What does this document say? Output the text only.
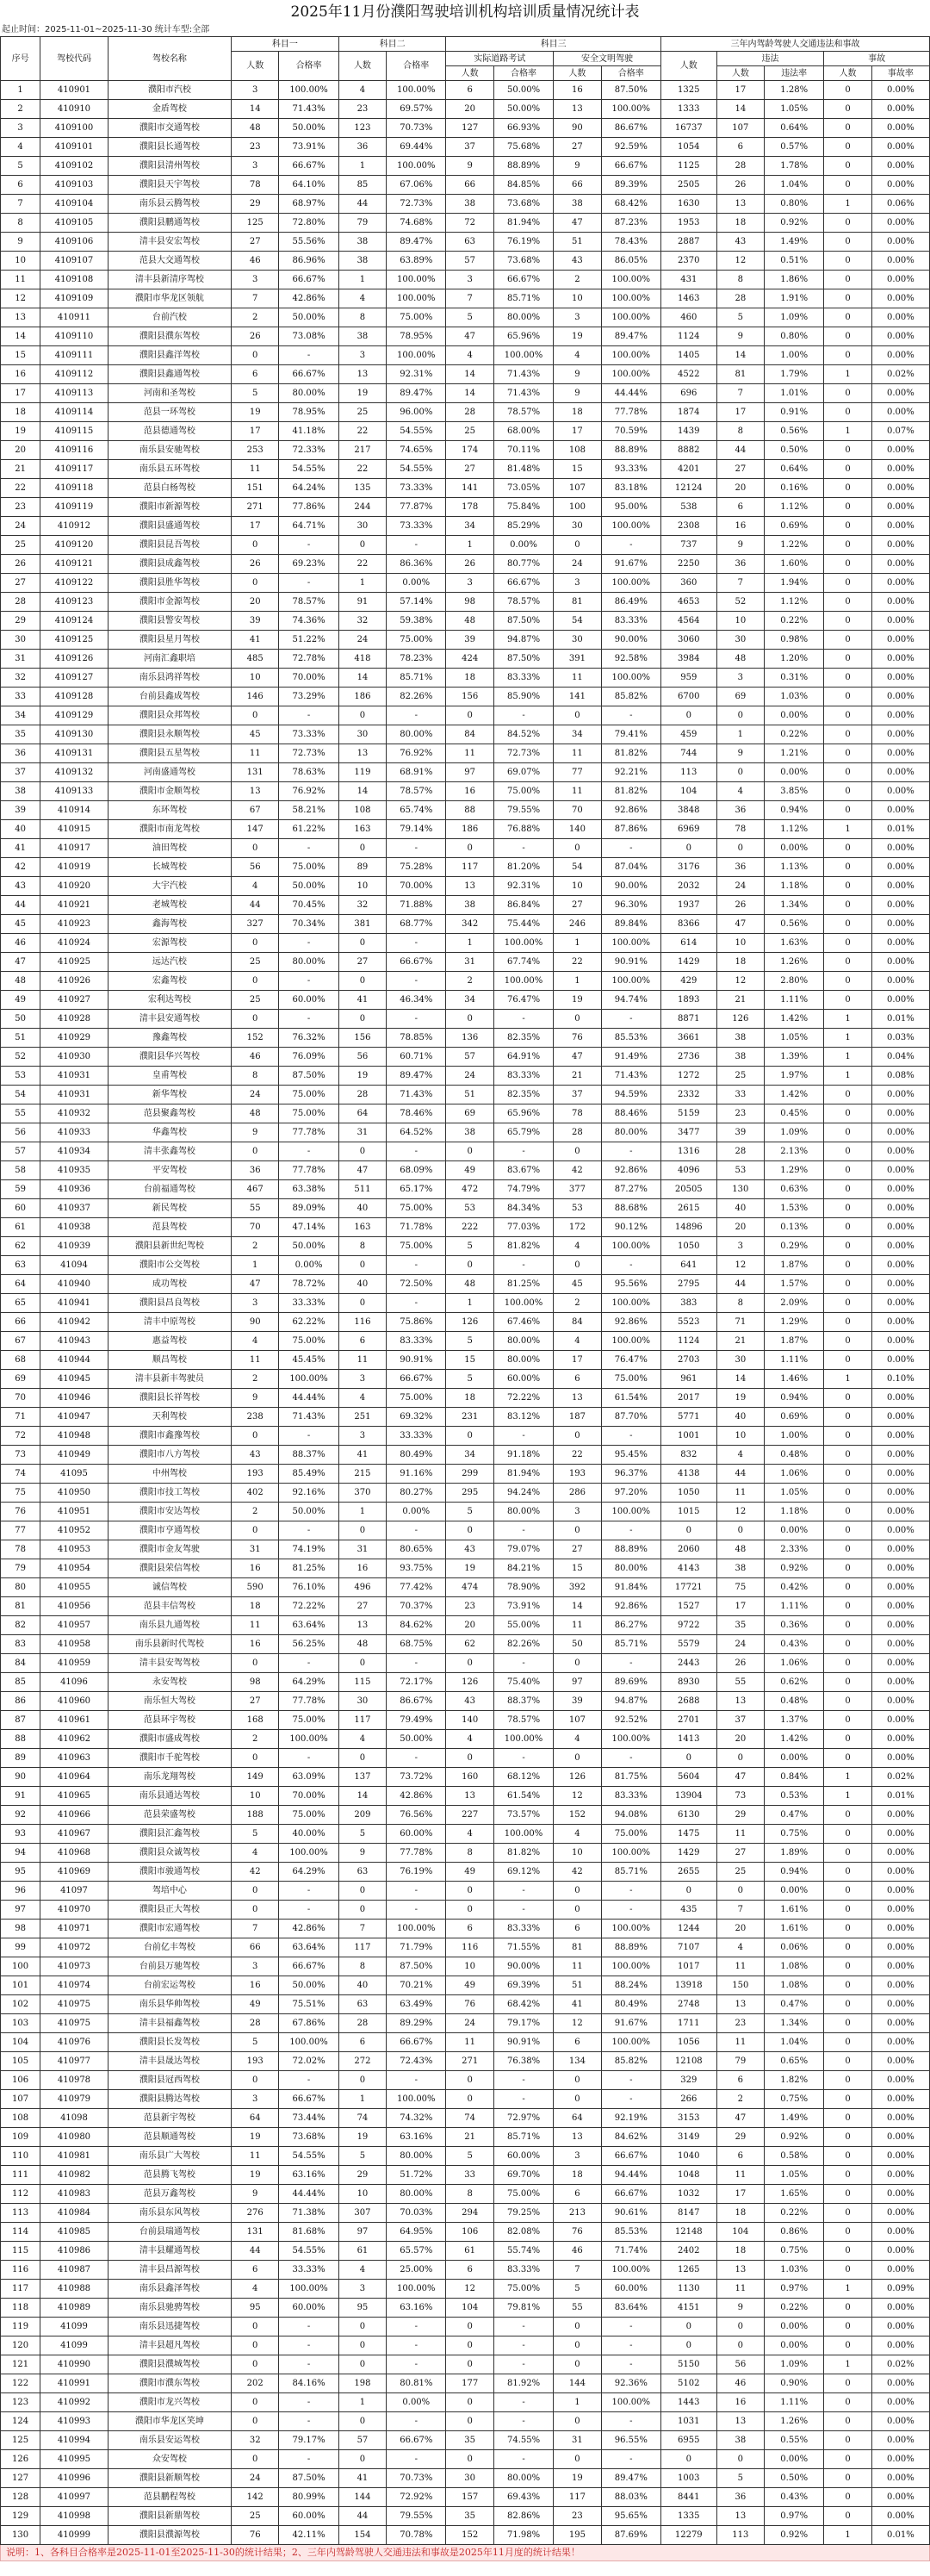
2025年11月份濮阳驾驶培训机构培训质量情况统计表
起止时间：2025-11-01~2025-11-30 统计车型:全部
序号	驾校代码	驾校名称	科目一		科目二		科目三				三年内驾龄驾驶人交通违法和事故				
			人数	合格率	人数	合格率	实际道路考试		安全文明驾驶		人数	违法		事故	
							人数	合格率	人数	合格率		人数	违法率	人数	事故率
1	410901	濮阳市汽校	3	100.00%	4	100.00%	6	50.00%	16	87.50%	1325	17	1.28%	0	0.00%
2	410910	金盾驾校	14	71.43%	23	69.57%	20	50.00%	13	100.00%	1333	14	1.05%	0	0.00%
3	4109100	濮阳市交通驾校	48	50.00%	123	70.73%	127	66.93%	90	86.67%	16737	107	0.64%	0	0.00%
4	4109101	濮阳县长通驾校	23	73.91%	36	69.44%	37	75.68%	27	92.59%	1054	6	0.57%	0	0.00%
5	4109102	濮阳县清州驾校	3	66.67%	1	100.00%	9	88.89%	9	66.67%	1125	28	1.78%	0	0.00%
6	4109103	濮阳县天宇驾校	78	64.10%	85	67.06%	66	84.85%	66	89.39%	2505	26	1.04%	0	0.00%
7	4109104	南乐县云腾驾校	29	68.97%	44	72.73%	38	73.68%	38	68.42%	1630	13	0.80%	1	0.06%
8	4109105	濮阳县鹏通驾校	125	72.80%	79	74.68%	72	81.94%	47	87.23%	1953	18	0.92%	0	0.00%
9	4109106	清丰县安宏驾校	27	55.56%	38	89.47%	63	76.19%	51	78.43%	2887	43	1.49%	0	0.00%
10	4109107	范县大交通驾校	46	86.96%	38	63.89%	57	73.68%	43	86.05%	2370	12	0.51%	0	0.00%
11	4109108	清丰县新清序驾校	3	66.67%	1	100.00%	3	66.67%	2	100.00%	431	8	1.86%	0	0.00%
12	4109109	濮阳市华龙区领航	7	42.86%	4	100.00%	7	85.71%	10	100.00%	1463	28	1.91%	0	0.00%
13	410911	台前汽校	2	50.00%	8	75.00%	5	80.00%	3	100.00%	460	5	1.09%	0	0.00%
14	4109110	濮阳县濮东驾校	26	73.08%	38	78.95%	47	65.96%	19	89.47%	1124	9	0.80%	0	0.00%
15	4109111	濮阳县鑫洋驾校	0	-	3	100.00%	4	100.00%	4	100.00%	1405	14	1.00%	0	0.00%
16	4109112	濮阳县鑫通驾校	6	66.67%	13	92.31%	14	71.43%	9	100.00%	4522	81	1.79%	1	0.02%
17	4109113	河南和圣驾校	5	80.00%	19	89.47%	14	71.43%	9	44.44%	696	7	1.01%	0	0.00%
18	4109114	范县一环驾校	19	78.95%	25	96.00%	28	78.57%	18	77.78%	1874	17	0.91%	0	0.00%
19	4109115	范县德通驾校	17	41.18%	22	54.55%	25	68.00%	17	70.59%	1439	8	0.56%	1	0.07%
20	4109116	南乐县安驰驾校	253	72.33%	217	74.65%	174	70.11%	108	88.89%	8882	44	0.50%	0	0.00%
21	4109117	南乐县五环驾校	11	54.55%	22	54.55%	27	81.48%	15	93.33%	4201	27	0.64%	0	0.00%
22	4109118	范县白杨驾校	151	64.24%	135	73.33%	141	73.05%	107	83.18%	12124	20	0.16%	0	0.00%
23	4109119	濮阳市新源驾校	271	77.86%	244	77.87%	178	75.84%	100	95.00%	538	6	1.12%	0	0.00%
24	410912	濮阳县盛通驾校	17	64.71%	30	73.33%	34	85.29%	30	100.00%	2308	16	0.69%	0	0.00%
25	4109120	濮阳县昆吾驾校	0	-	0	-	1	0.00%	0	-	737	9	1.22%	0	0.00%
26	4109121	濮阳县成鑫驾校	26	69.23%	22	86.36%	26	80.77%	24	91.67%	2250	36	1.60%	0	0.00%
27	4109122	濮阳县胜华驾校	0	-	1	0.00%	3	66.67%	3	100.00%	360	7	1.94%	0	0.00%
28	4109123	濮阳市金源驾校	20	78.57%	91	57.14%	98	78.57%	81	86.49%	4653	52	1.12%	0	0.00%
29	4109124	濮阳县警安驾校	39	74.36%	32	59.38%	48	87.50%	54	83.33%	4564	10	0.22%	0	0.00%
30	4109125	濮阳县星月驾校	41	51.22%	24	75.00%	39	94.87%	30	90.00%	3060	30	0.98%	0	0.00%
31	4109126	河南汇鑫职培	485	72.78%	418	78.23%	424	87.50%	391	92.58%	3984	48	1.20%	0	0.00%
32	4109127	南乐县鸿祥驾校	10	70.00%	14	85.71%	18	83.33%	11	100.00%	959	3	0.31%	0	0.00%
33	4109128	台前县鑫成驾校	146	73.29%	186	82.26%	156	85.90%	141	85.82%	6700	69	1.03%	0	0.00%
34	4109129	濮阳县众邦驾校	0	-	0	-	0	-	0	-	0	0	0.00%	0	0.00%
35	4109130	濮阳县永顺驾校	45	73.33%	30	80.00%	84	84.52%	34	79.41%	459	1	0.22%	0	0.00%
36	4109131	濮阳县五星驾校	11	72.73%	13	76.92%	11	72.73%	11	81.82%	744	9	1.21%	0	0.00%
37	4109132	河南盛通驾校	131	78.63%	119	68.91%	97	69.07%	77	92.21%	113	0	0.00%	0	0.00%
38	4109133	濮阳市金顺驾校	13	76.92%	14	78.57%	16	75.00%	11	81.82%	104	4	3.85%	0	0.00%
39	410914	东环驾校	67	58.21%	108	65.74%	88	79.55%	70	92.86%	3848	36	0.94%	0	0.00%
40	410915	濮阳市南龙驾校	147	61.22%	163	79.14%	186	76.88%	140	87.86%	6969	78	1.12%	1	0.01%
41	410917	油田驾校	0	-	0	-	0	-	0	-	0	0	0.00%	0	0.00%
42	410919	长城驾校	56	75.00%	89	75.28%	117	81.20%	54	87.04%	3176	36	1.13%	0	0.00%
43	410920	大宇汽校	4	50.00%	10	70.00%	13	92.31%	10	90.00%	2032	24	1.18%	0	0.00%
44	410921	老城驾校	44	70.45%	32	71.88%	38	86.84%	27	96.30%	1937	26	1.34%	0	0.00%
45	410923	鑫海驾校	327	70.34%	381	68.77%	342	75.44%	246	89.84%	8366	47	0.56%	0	0.00%
46	410924	宏源驾校	0	-	0	-	1	100.00%	1	100.00%	614	10	1.63%	0	0.00%
47	410925	远达汽校	25	80.00%	27	66.67%	31	67.74%	22	90.91%	1429	18	1.26%	0	0.00%
48	410926	宏鑫驾校	0	-	0	-	2	100.00%	1	100.00%	429	12	2.80%	0	0.00%
49	410927	宏利达驾校	25	60.00%	41	46.34%	34	76.47%	19	94.74%	1893	21	1.11%	0	0.00%
50	410928	清丰县安通驾校	0	-	0	-	0	-	0	-	8871	126	1.42%	1	0.01%
51	410929	豫鑫驾校	152	76.32%	156	78.85%	136	82.35%	76	85.53%	3661	38	1.05%	1	0.03%
52	410930	濮阳县华兴驾校	46	76.09%	56	60.71%	57	64.91%	47	91.49%	2736	38	1.39%	1	0.04%
53	410931	皇甫驾校	8	87.50%	19	89.47%	24	83.33%	21	71.43%	1272	25	1.97%	1	0.08%
54	410931	新华驾校	24	75.00%	28	71.43%	51	82.35%	37	94.59%	2332	33	1.42%	0	0.00%
55	410932	范县聚鑫驾校	48	75.00%	64	78.46%	69	65.96%	78	88.46%	5159	23	0.45%	0	0.00%
56	410933	华鑫驾校	9	77.78%	31	64.52%	38	65.79%	28	80.00%	3477	39	1.09%	0	0.00%
57	410934	清丰张鑫驾校	0	-	0	-	0	-	0	-	1316	28	2.13%	0	0.00%
58	410935	平安驾校	36	77.78%	47	68.09%	49	83.67%	42	92.86%	4096	53	1.29%	0	0.00%
59	410936	台前福通驾校	467	63.38%	511	65.17%	472	74.79%	377	87.27%	20505	130	0.63%	0	0.00%
60	410937	新民驾校	55	89.09%	40	75.00%	53	84.34%	53	88.68%	2615	40	1.53%	0	0.00%
61	410938	范县驾校	70	47.14%	163	71.78%	222	77.03%	172	90.12%	14896	20	0.13%	0	0.00%
62	410939	濮阳县新世纪驾校	2	50.00%	8	75.00%	5	81.82%	4	100.00%	1050	3	0.29%	0	0.00%
63	41094	濮阳市公交驾校	1	0.00%	0	-	0	-	0	-	641	12	1.87%	0	0.00%
64	410940	成功驾校	47	78.72%	40	72.50%	48	81.25%	45	95.56%	2795	44	1.57%	0	0.00%
65	410941	濮阳县昌良驾校	3	33.33%	0	-	1	100.00%	2	100.00%	383	8	2.09%	0	0.00%
66	410942	清丰中原驾校	90	62.22%	116	75.86%	126	67.46%	84	92.86%	5523	71	1.29%	0	0.00%
67	410943	惠益驾校	4	75.00%	6	83.33%	5	80.00%	4	100.00%	1124	21	1.87%	0	0.00%
68	410944	顺昌驾校	11	45.45%	11	90.91%	15	80.00%	17	76.47%	2703	30	1.11%	0	0.00%
69	410945	清丰县新丰驾驶员	2	100.00%	3	66.67%	5	60.00%	6	75.00%	961	14	1.46%	1	0.10%
70	410946	濮阳县长祥驾校	9	44.44%	4	75.00%	18	72.22%	13	61.54%	2017	19	0.94%	0	0.00%
71	410947	天利驾校	238	71.43%	251	69.32%	231	83.12%	187	87.70%	5771	40	0.69%	0	0.00%
72	410948	濮阳市鑫豫驾校	0	-	3	33.33%	0	-	0	-	1001	10	1.00%	0	0.00%
73	410949	濮阳市八方驾校	43	88.37%	41	80.49%	34	91.18%	22	95.45%	832	4	0.48%	0	0.00%
74	41095	中州驾校	193	85.49%	215	91.16%	299	81.94%	193	96.37%	4138	44	1.06%	0	0.00%
75	410950	濮阳市技工驾校	402	92.16%	370	80.27%	295	94.24%	286	97.20%	1050	11	1.05%	0	0.00%
76	410951	濮阳市安达驾校	2	50.00%	1	0.00%	5	80.00%	3	100.00%	1015	12	1.18%	0	0.00%
77	410952	濮阳市亨通驾校	0	-	0	-	0	-	0	-	0	0	0.00%	0	0.00%
78	410953	濮阳市金友驾驶	31	74.19%	31	80.65%	43	79.07%	27	88.89%	2060	48	2.33%	0	0.00%
79	410954	濮阳县荣信驾校	16	81.25%	16	93.75%	19	84.21%	15	80.00%	4143	38	0.92%	0	0.00%
80	410955	诚信驾校	590	76.10%	496	77.42%	474	78.90%	392	91.84%	17721	75	0.42%	0	0.00%
81	410956	范县丰信驾校	18	72.22%	27	70.37%	23	73.91%	14	92.86%	1527	17	1.11%	0	0.00%
82	410957	南乐县九通驾校	11	63.64%	13	84.62%	20	55.00%	11	86.27%	9722	35	0.36%	0	0.00%
83	410958	南乐县新时代驾校	16	56.25%	48	68.75%	62	82.26%	50	85.71%	5579	24	0.43%	0	0.00%
84	410959	清丰县安驾驾校	0	-	0	-	0	-	0	-	2443	26	1.06%	0	0.00%
85	41096	永安驾校	98	64.29%	115	72.17%	126	75.40%	97	89.69%	8930	55	0.62%	0	0.00%
86	410960	南乐恒大驾校	27	77.78%	30	86.67%	43	88.37%	39	94.87%	2688	13	0.48%	0	0.00%
87	410961	范县环宇驾校	168	75.00%	117	79.49%	140	78.57%	107	92.52%	2701	37	1.37%	0	0.00%
88	410962	濮阳市盛成驾校	2	100.00%	4	50.00%	4	100.00%	4	100.00%	1413	20	1.42%	0	0.00%
89	410963	濮阳市千驼驾校	0	-	0	-	0	-	0	-	0	0	0.00%	0	0.00%
90	410964	南乐龙翔驾校	149	63.09%	137	73.72%	160	68.12%	126	81.75%	5604	47	0.84%	1	0.02%
91	410965	南乐县通达驾校	10	70.00%	14	42.86%	13	61.54%	12	83.33%	13904	73	0.53%	1	0.01%
92	410966	范县荣盛驾校	188	75.00%	209	76.56%	227	73.57%	152	94.08%	6130	29	0.47%	0	0.00%
93	410967	濮阳县汇鑫驾校	5	40.00%	5	60.00%	4	100.00%	4	75.00%	1475	11	0.75%	0	0.00%
94	410968	濮阳县众诚驾校	4	100.00%	9	77.78%	8	81.82%	10	100.00%	1429	27	1.89%	0	0.00%
95	410969	濮阳市骏通驾校	42	64.29%	63	76.19%	49	69.12%	42	85.71%	2655	25	0.94%	0	0.00%
96	41097	驾培中心	0	-	0	-	0	-	0	-	0	0	0.00%	0	0.00%
97	410970	濮阳县正大驾校	0	-	0	-	0	-	0	-	435	7	1.61%	0	0.00%
98	410971	濮阳市宏通驾校	7	42.86%	7	100.00%	6	83.33%	6	100.00%	1244	20	1.61%	0	0.00%
99	410972	台前亿丰驾校	66	63.64%	117	71.79%	116	71.55%	81	88.89%	7107	4	0.06%	0	0.00%
100	410973	台前县万驰驾校	3	66.67%	8	87.50%	10	90.00%	11	100.00%	1017	11	1.08%	0	0.00%
101	410974	台前宏运驾校	16	50.00%	40	70.21%	49	69.39%	51	88.24%	13918	150	1.08%	0	0.00%
102	410975	南乐县华帅驾校	49	75.51%	63	63.49%	76	68.42%	41	80.49%	2748	13	0.47%	0	0.00%
103	410975	清丰县福鑫驾校	28	67.86%	28	89.29%	24	79.17%	12	91.67%	1711	23	1.34%	0	0.00%
104	410976	濮阳县长发驾校	5	100.00%	6	66.67%	11	90.91%	6	100.00%	1056	11	1.04%	0	0.00%
105	410977	清丰县晟达驾校	193	72.02%	272	72.43%	271	76.38%	134	85.82%	12108	79	0.65%	0	0.00%
106	410978	濮阳县冠西驾校	0	-	0	-	0	-	0	-	329	6	1.82%	0	0.00%
107	410979	濮阳县腾达驾校	3	66.67%	1	100.00%	0	-	0	-	266	2	0.75%	0	0.00%
108	41098	范县新宇驾校	64	73.44%	74	74.32%	74	72.97%	64	92.19%	3153	47	1.49%	0	0.00%
109	410980	范县顺通驾校	19	73.68%	19	63.16%	21	85.71%	13	84.62%	3149	29	0.92%	0	0.00%
110	410981	南乐县广大驾校	11	54.55%	5	80.00%	5	60.00%	3	66.67%	1040	6	0.58%	0	0.00%
111	410982	范县腾飞驾校	19	63.16%	29	51.72%	33	69.70%	18	94.44%	1048	11	1.05%	0	0.00%
112	410983	范县万鑫驾校	9	44.44%	10	80.00%	8	75.00%	6	66.67%	1032	17	1.65%	0	0.00%
113	410984	南乐县东风驾校	276	71.38%	307	70.03%	294	79.25%	213	90.61%	8147	18	0.22%	0	0.00%
114	410985	台前县瑞通驾校	131	81.68%	97	64.95%	106	82.08%	76	85.53%	12148	104	0.86%	0	0.00%
115	410986	清丰县耀通驾校	44	54.55%	61	65.57%	61	55.74%	46	71.74%	2402	18	0.75%	0	0.00%
116	410987	清丰县昌源驾校	6	33.33%	4	25.00%	6	83.33%	7	100.00%	1265	13	1.03%	0	0.00%
117	410988	南乐县鑫泽驾校	4	100.00%	3	100.00%	12	75.00%	5	60.00%	1130	11	0.97%	1	0.09%
118	410989	南乐县驰骋驾校	95	60.00%	95	63.16%	104	79.81%	55	83.64%	4151	9	0.22%	0	0.00%
119	41099	南乐县迅捷驾校	0	-	0	-	0	-	0	-	0	0	0.00%	0	0.00%
120	41099	清丰县超凡驾校	0	-	0	-	0	-	0	-	0	0	0.00%	0	0.00%
121	410990	濮阳县濮城驾校	0	-	0	-	0	-	0	-	5150	56	1.09%	1	0.02%
122	410991	濮阳市濮东驾校	202	84.16%	198	80.81%	177	81.92%	144	92.36%	5102	46	0.90%	0	0.00%
123	410992	濮阳市龙兴驾校	0	-	1	0.00%	0	-	1	100.00%	1443	16	1.11%	0	0.00%
124	410993	濮阳市华龙区笑坤	0	-	0	-	0	-	0	-	1031	13	1.26%	0	0.00%
125	410994	南乐县安运驾校	32	79.17%	57	66.67%	35	74.55%	31	96.55%	6955	38	0.55%	0	0.00%
126	410995	众安驾校	0	-	0	-	0	-	0	-	0	0	0.00%	0	0.00%
127	410996	濮阳县新顺驾校	24	87.50%	41	70.73%	30	80.00%	19	89.47%	1003	5	0.50%	0	0.00%
128	410997	范县鹏程驾校	142	80.99%	144	72.92%	157	69.43%	117	88.03%	8441	36	0.43%	0	0.00%
129	410998	濮阳县新鼎驾校	25	60.00%	44	79.55%	35	82.86%	23	95.65%	1335	13	0.97%	0	0.00%
130	410999	濮阳县濮源驾校	76	42.11%	154	70.78%	152	71.98%	195	87.69%	12279	113	0.92%	1	0.01%
说明：1、各科目合格率是2025-11-01至2025-11-30的统计结果；2、三年内驾龄驾驶人交通违法和事故是2025年11月度的统计结果！
